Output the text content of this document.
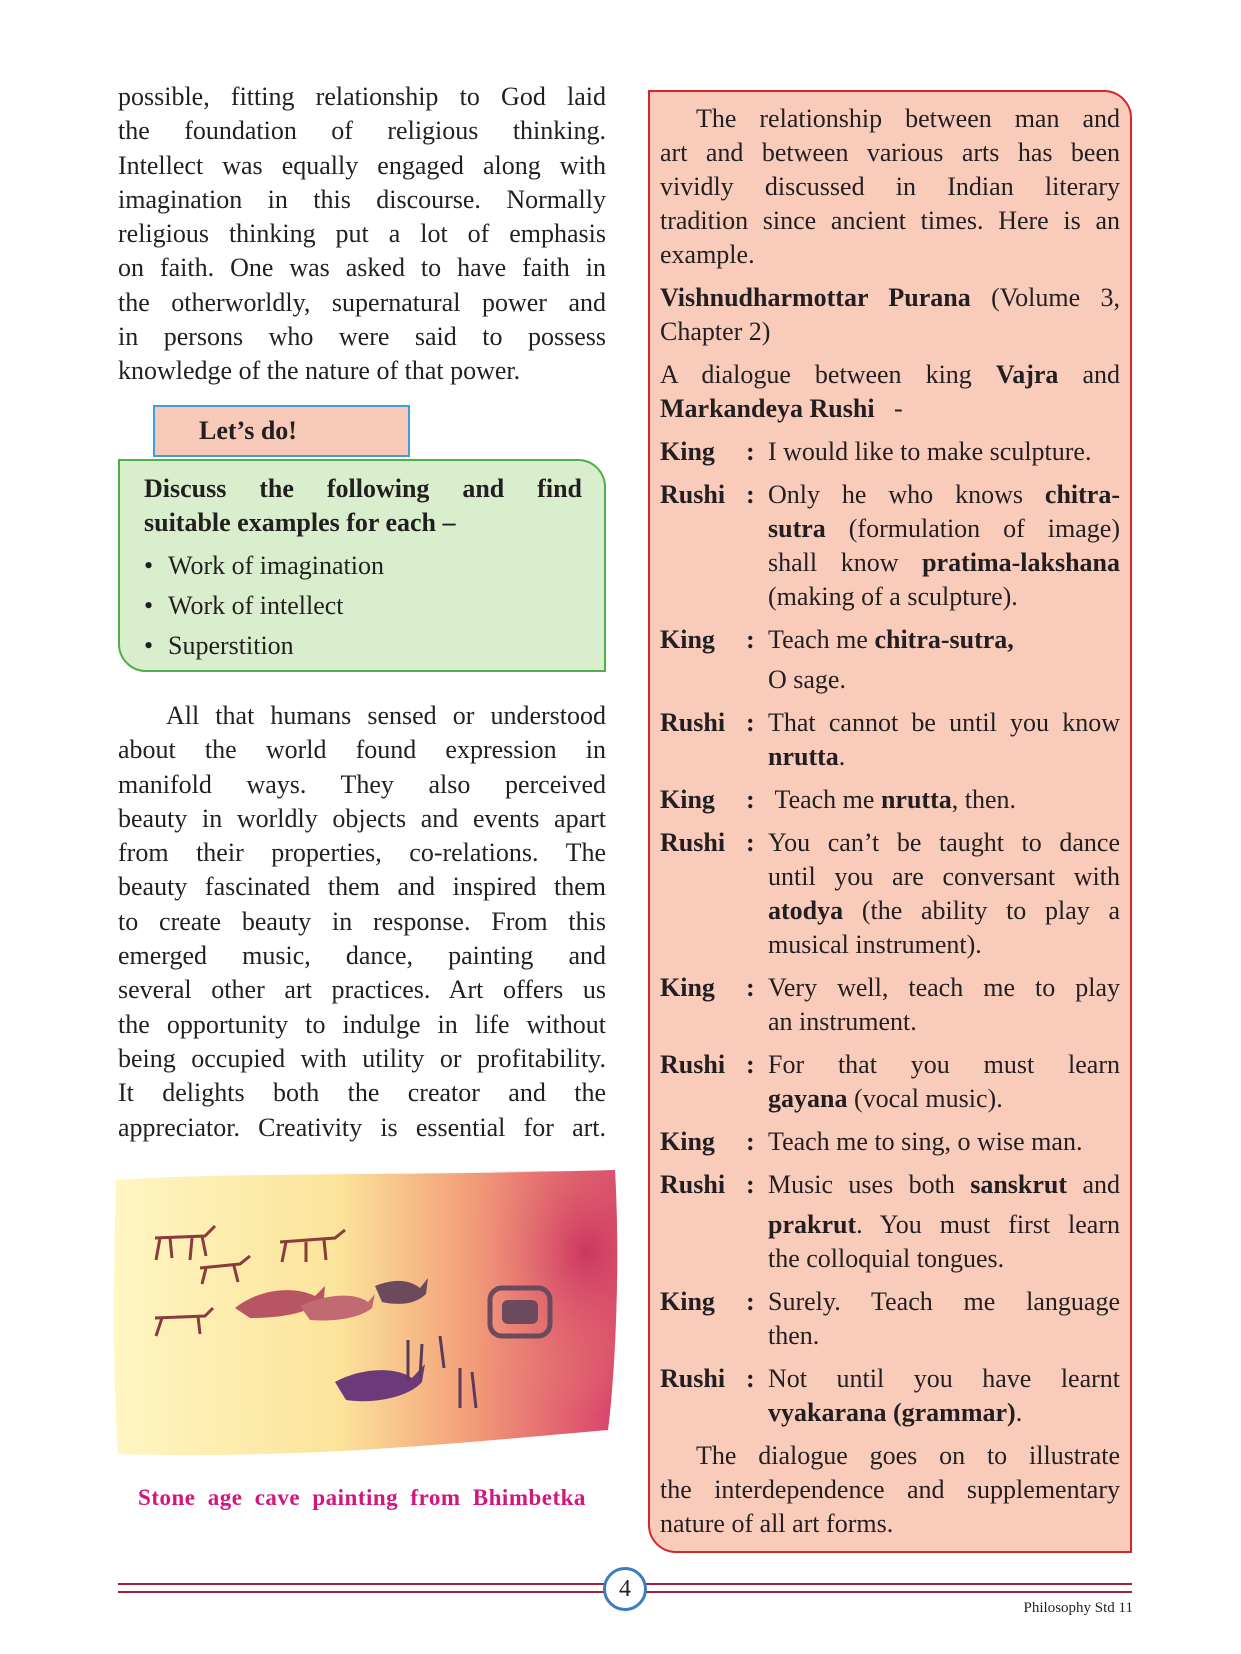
possible, fitting relationship to God laid
the foundation of religious thinking.
Intellect was equally engaged along with
imagination in this discourse. Normally
religious thinking put a lot of emphasis
on faith. One was asked to have faith in
the otherworldly, supernatural power and
in persons who were said to possess
knowledge of the nature of that power.

Let’s do!
Discuss the following and find
suitable examples for each –
• Work of imagination
• Work of intellect
• Superstition

All that humans sensed or understood
about the world found expression in
manifold ways. They also perceived
beauty in worldly objects and events apart
from their properties, co-relations. The
beauty fascinated them and inspired them
to create beauty in response. From this
emerged music, dance, painting and
several other art practices. Art offers us
the opportunity to indulge in life without
being occupied with utility or profitability.
It delights both the creator and the
appreciator. Creativity is essential for art.

Stone age cave painting from Bhimbetka

The relationship between man and
art and between various arts has been
vividly discussed in Indian literary
tradition since ancient times. Here is an
example.

Vishnudharmottar Purana (Volume 3,

Chapter 2)

A dialogue between king Vajra and

Markandeya Rushi -

King	: I would like to make sculpture.
Rushi : Only he who knows chitra-
sutra (formulation of image)
shall know pratima-lakshana
(making of a sculpture).
King	: Teach me chitra-sutra,
O sage.
Rushi : That cannot be until you know
nrutta.
King	: Teach me nrutta, then.
Rushi : You can’t be taught to dance
until you are conversant with
atodya (the ability to play a
musical instrument).
King	: Very well, teach me to play
an instrument.
Rushi : For that you must learn
gayana (vocal music).
King	: Teach me to sing, o wise man.
Rushi : Music uses both sanskrut and
prakrut. You must first learn
the colloquial tongues.
King	: Surely. Teach me language
then.
Rushi : Not until you have learnt
vyakarana (grammar).

The dialogue goes on to illustrate
the interdependence and supplementary
nature of all art forms.

4
Philosophy Std 11
